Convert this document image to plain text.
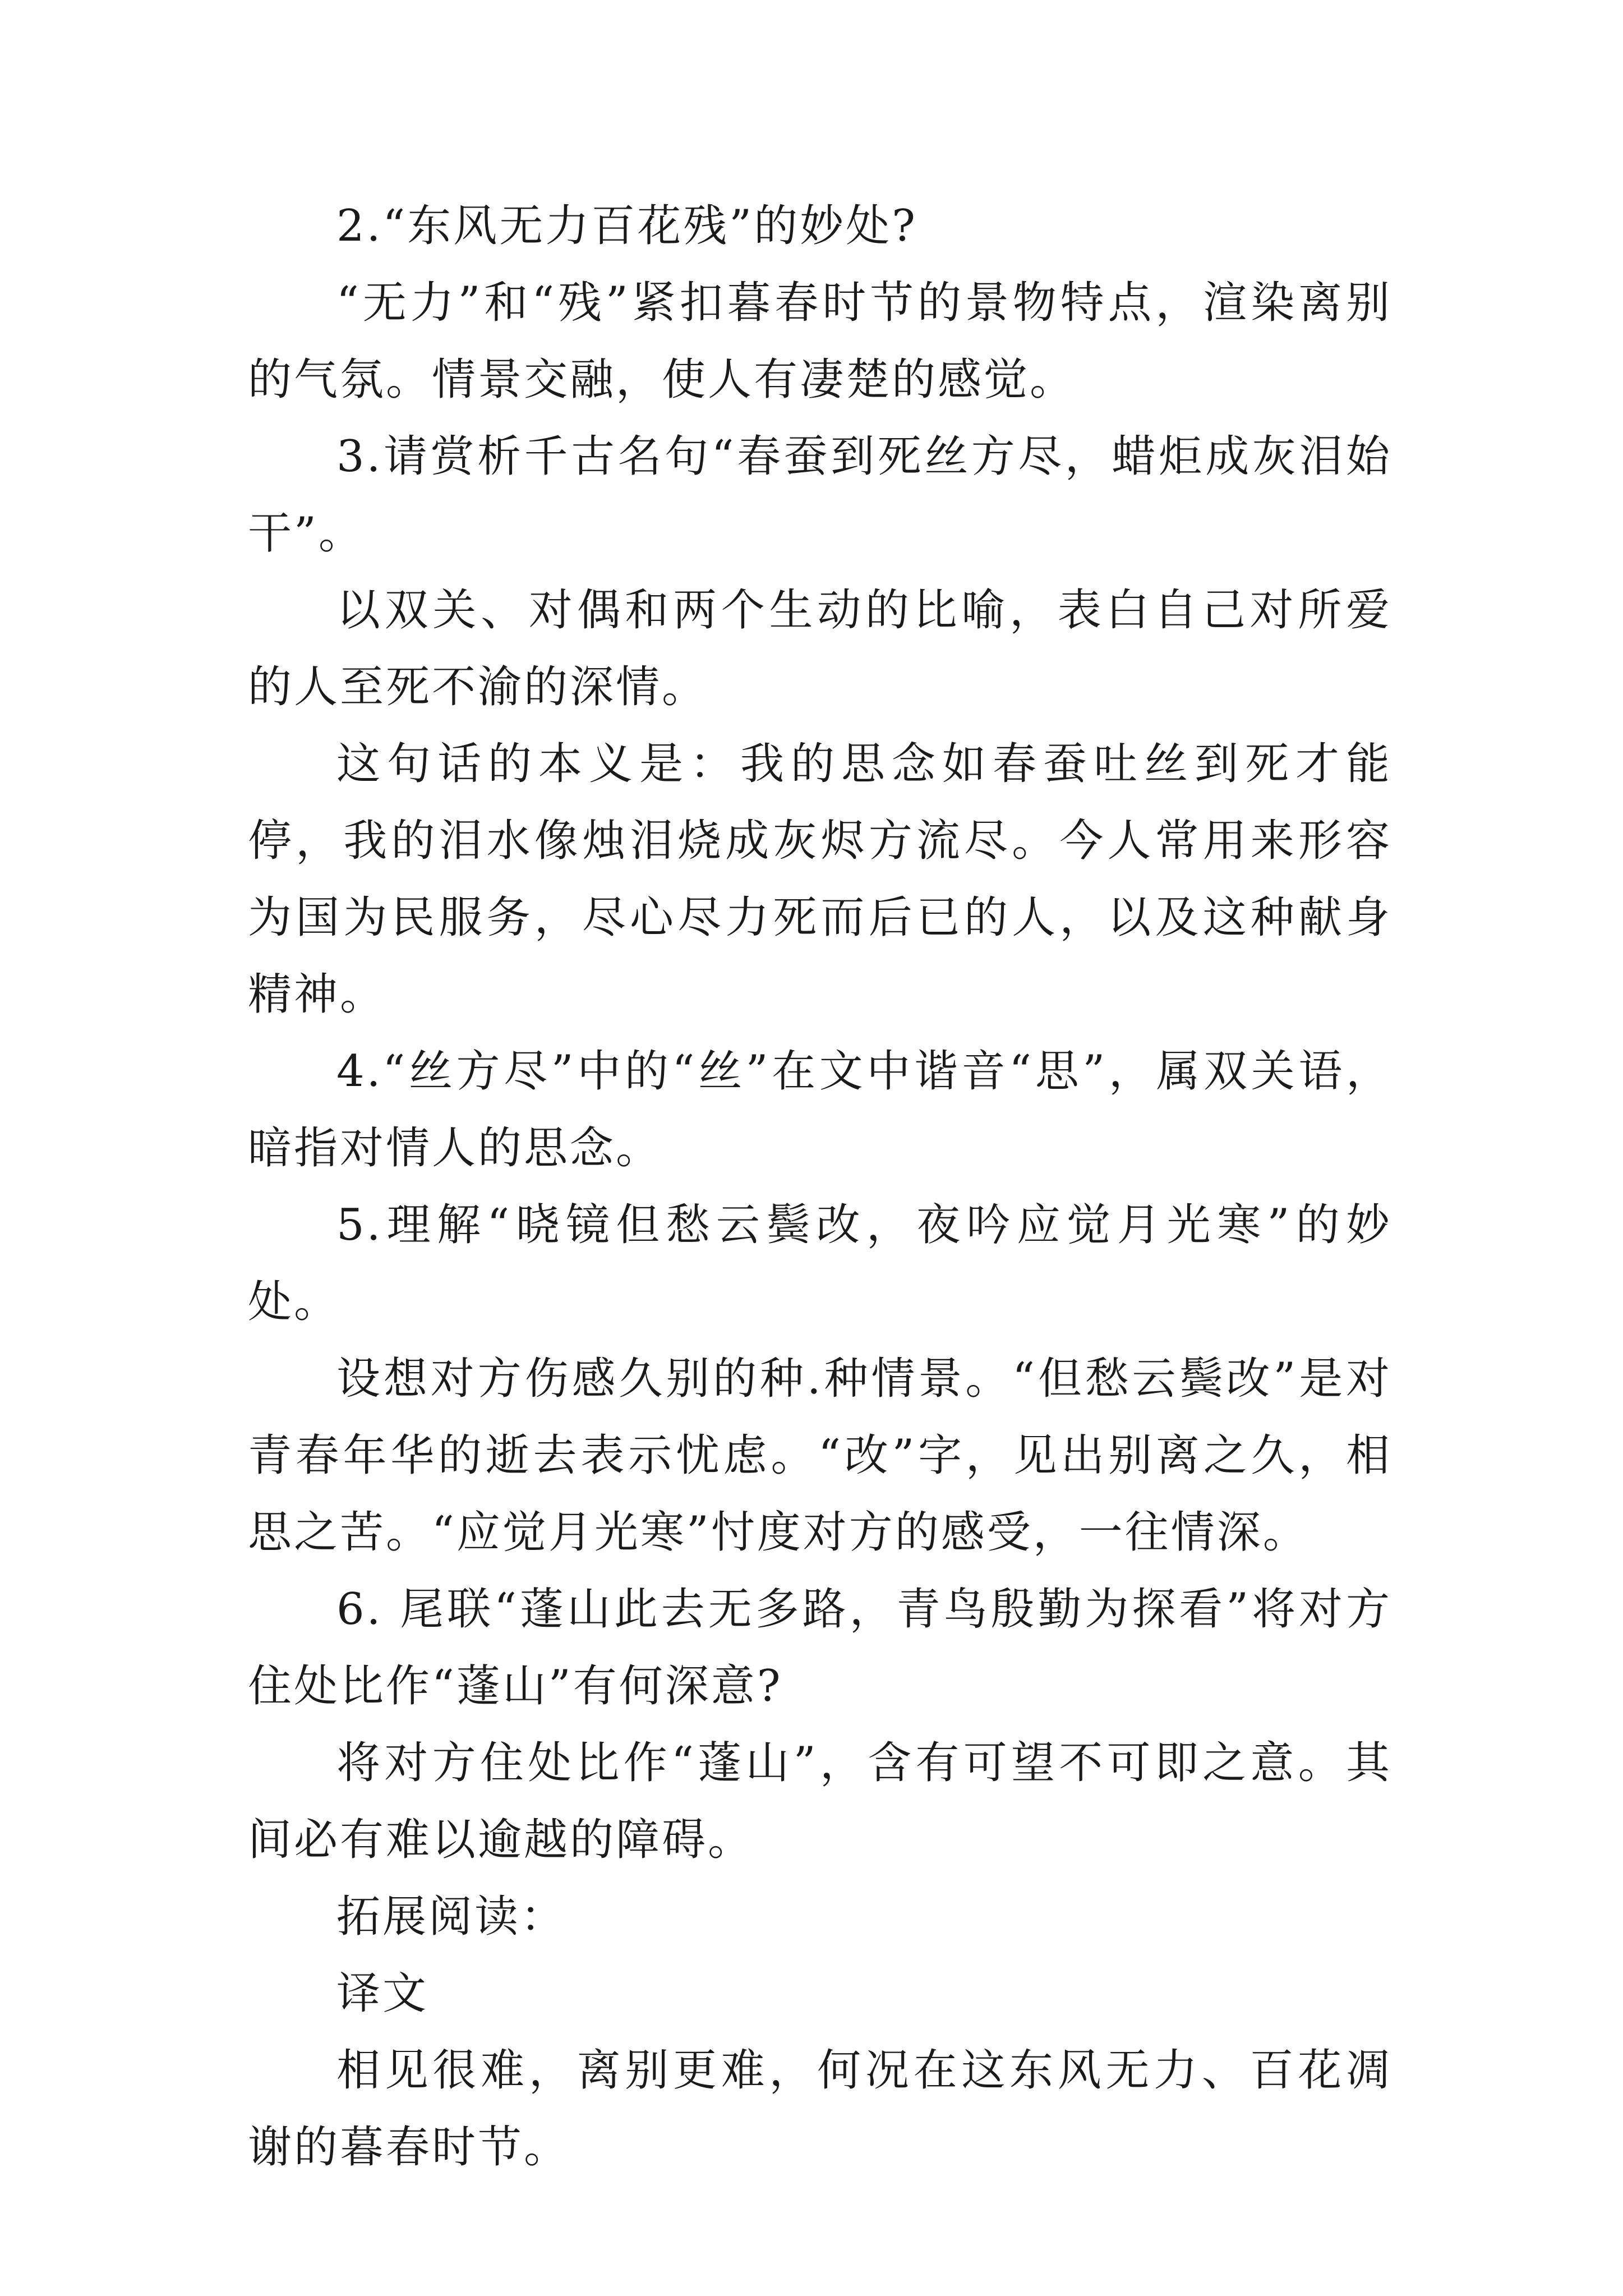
2.“东风无力百花残”的妙处?

“无力”和“残”紧扣暮春时节的景物特点，渲染离别的气氛。情景交融，使人有凄楚的感觉。

3.请赏析千古名句“春蚕到死丝方尽，蜡炬成灰泪始干”。

以双关、对偶和两个生动的比喻，表白自己对所爱的人至死不渝的深情。

这句话的本义是：我的思念如春蚕吐丝到死才能停，我的泪水像烛泪烧成灰烬方流尽。今人常用来形容为国为民服务，尽心尽力死而后已的人，以及这种献身精神。

4.“丝方尽”中的“丝”在文中谐音“思”，属双关语，暗指对情人的思念。

5.理解“晓镜但愁云鬓改，夜吟应觉月光寒”的妙处。

设想对方伤感久别的种.种情景。“但愁云鬓改”是对青春年华的逝去表示忧虑。“改”字，见出别离之久，相思之苦。“应觉月光寒”忖度对方的感受，一往情深。

6. 尾联“蓬山此去无多路，青鸟殷勤为探看”将对方住处比作“蓬山”有何深意?

将对方住处比作“蓬山”，含有可望不可即之意。其间必有难以逾越的障碍。

拓展阅读：

译文

相见很难，离别更难，何况在这东风无力、百花凋谢的暮春时节。
